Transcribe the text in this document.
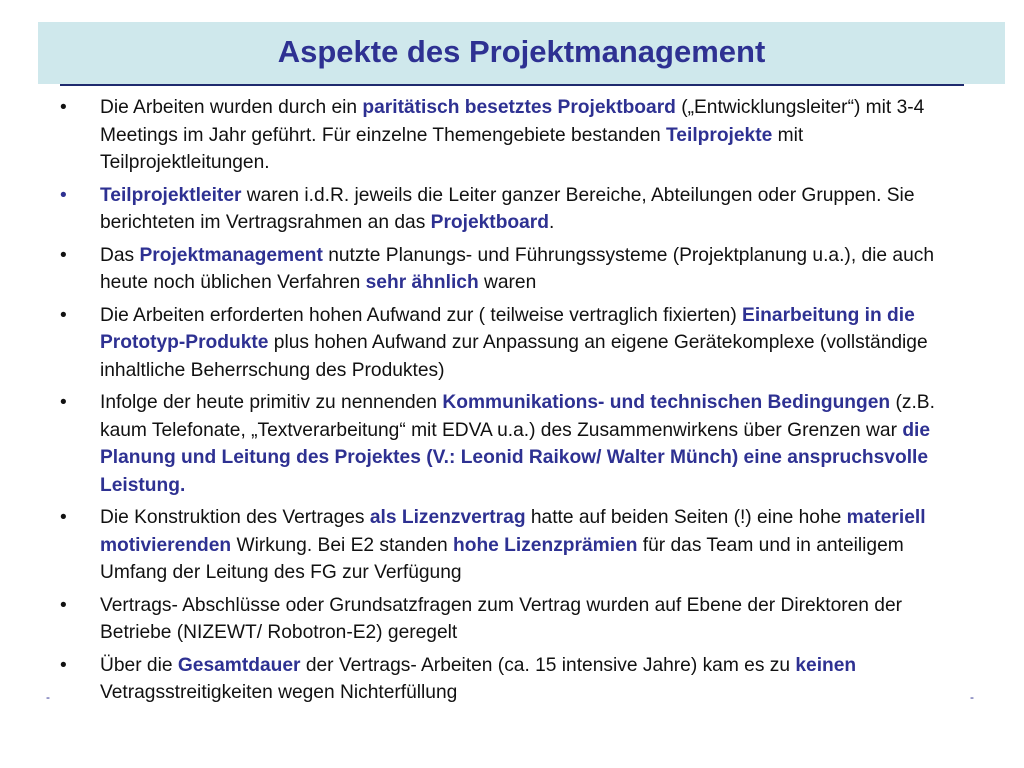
Aspekte des Projektmanagement
• Die Arbeiten wurden durch ein paritätisch besetztes Projektboard („Entwicklungsleiter“) mit 3-4 Meetings im Jahr geführt. Für einzelne Themengebiete bestanden Teilprojekte mit Teilprojektleitungen.
• Teilprojektleiter waren i.d.R. jeweils die Leiter ganzer Bereiche, Abteilungen oder Gruppen. Sie berichteten im Vertragsrahmen an das Projektboard.
• Das Projektmanagement nutzte Planungs- und Führungssysteme (Projektplanung u.a.), die auch heute noch üblichen Verfahren sehr ähnlich waren
• Die Arbeiten erforderten hohen Aufwand zur ( teilweise vertraglich fixierten) Einarbeitung in die Prototyp-Produkte plus hohen Aufwand zur Anpassung an eigene Gerätekomplexe (vollständige inhaltliche Beherrschung des Produktes)
• Infolge der heute primitiv zu nennenden Kommunikations- und technischen Bedingungen (z.B. kaum Telefonate, „Textverarbeitung“ mit EDVA u.a.) des Zusammenwirkens über Grenzen war die Planung und Leitung des Projektes (V.: Leonid Raikow/ Walter Münch) eine anspruchsvolle Leistung.
• Die Konstruktion des Vertrages als Lizenzvertrag hatte auf beiden Seiten (!) eine hohe materiell motivierenden Wirkung. Bei E2 standen hohe Lizenzprämien für das Team und in anteiligem Umfang der Leitung des FG zur Verfügung
• Vertrags- Abschlüsse oder Grundsatzfragen zum Vertrag wurden auf Ebene der Direktoren der Betriebe (NIZEWT/ Robotron-E2) geregelt
• Über die Gesamtdauer der Vertrags- Arbeiten (ca. 15 intensive Jahre) kam es zu keinen Vetragsstreitigkeiten wegen Nichterfüllung
-	-
